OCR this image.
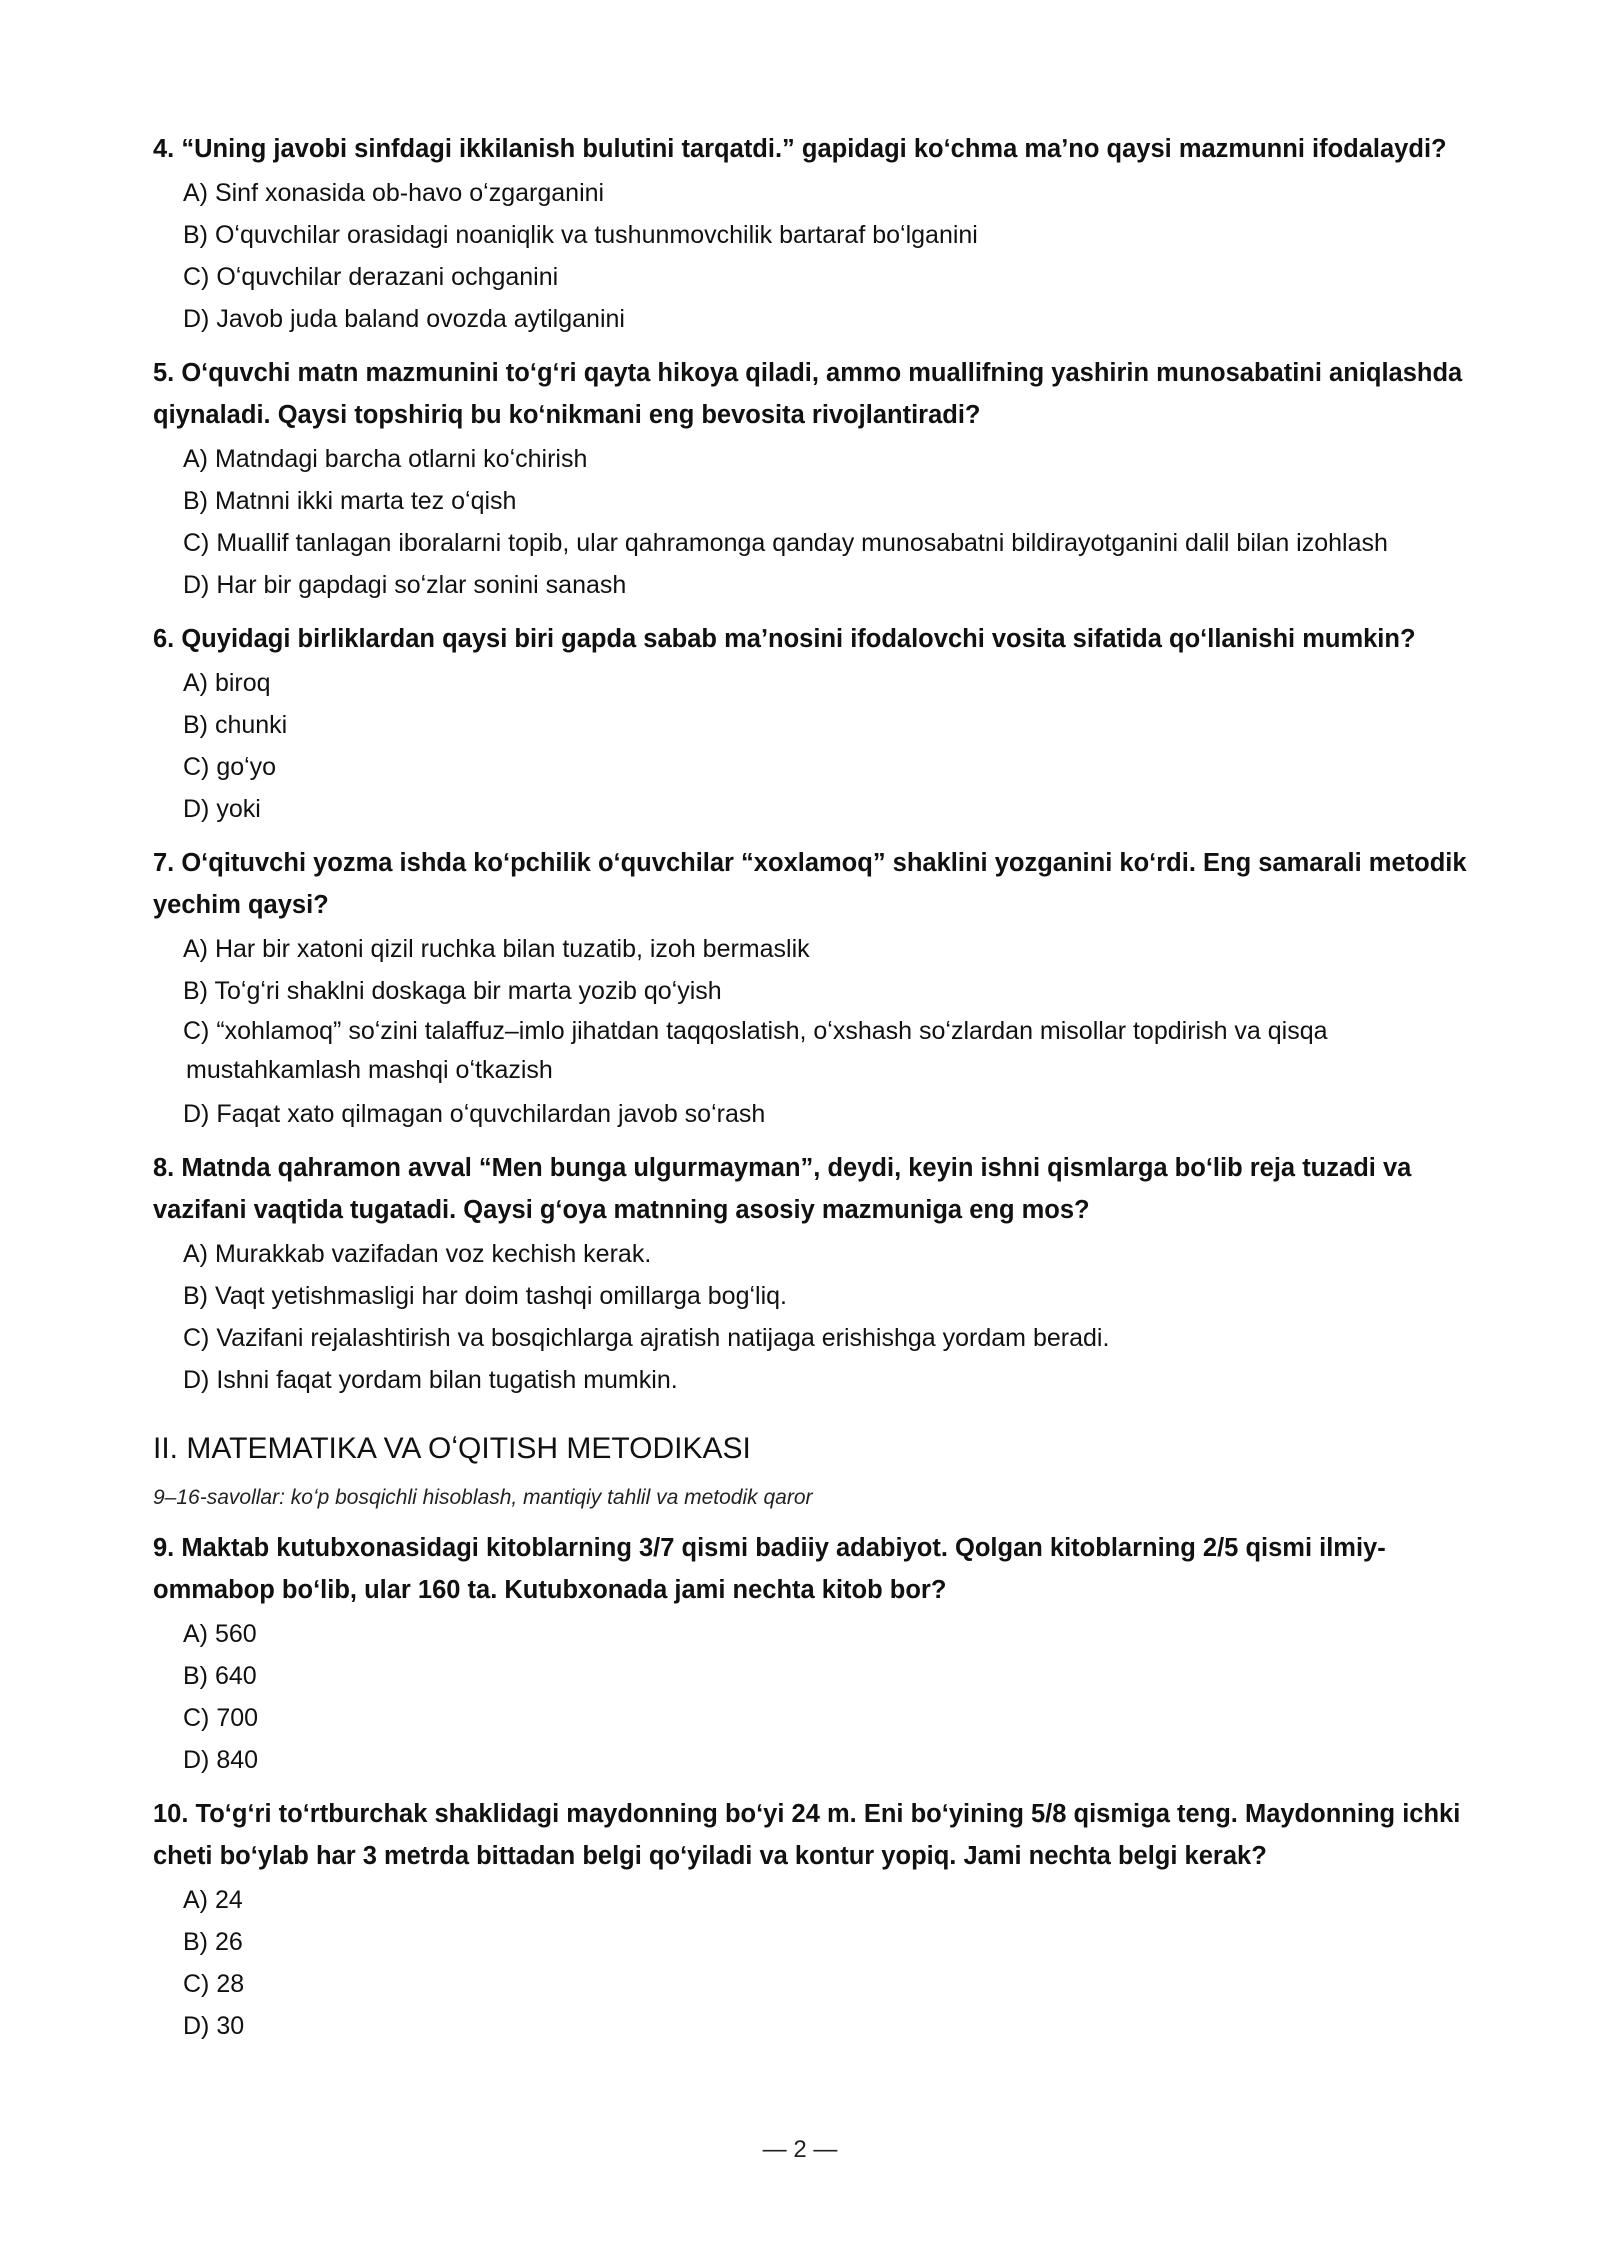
4. “Uning javobi sinfdagi ikkilanish bulutini tarqatdi.” gapidagi koʻchma maʼno qaysi mazmunni ifodalaydi?

A) Sinf xonasida ob-havo oʻzgarganini
B) Oʻquvchilar orasidagi noaniqlik va tushunmovchilik bartaraf boʻlganini
C) Oʻquvchilar derazani ochganini
D) Javob juda baland ovozda aytilganini

5. Oʻquvchi matn mazmunini toʻgʻri qayta hikoya qiladi, ammo muallifning yashirin munosabatini aniqlashda qiynaladi. Qaysi topshiriq bu koʻnikmani eng bevosita rivojlantiradi?

A) Matndagi barcha otlarni koʻchirish
B) Matnni ikki marta tez oʻqish
C) Muallif tanlagan iboralarni topib, ular qahramonga qanday munosabatni bildirayotganini dalil bilan izohlash
D) Har bir gapdagi soʻzlar sonini sanash

6. Quyidagi birliklardan qaysi biri gapda sabab maʼnosini ifodalovchi vosita sifatida qoʻllanishi mumkin?

A) biroq
B) chunki
C) goʻyo
D) yoki

7. Oʻqituvchi yozma ishda koʻpchilik oʻquvchilar “xoxlamoq” shaklini yozganini koʻrdi. Eng samarali metodik yechim qaysi?

A) Har bir xatoni qizil ruchka bilan tuzatib, izoh bermaslik
B) Toʻgʻri shaklni doskaga bir marta yozib qoʻyish
C) “xohlamoq” soʻzini talaffuz–imlo jihatdan taqqoslatish, oʻxshash soʻzlardan misollar topdirish va qisqa mustahkamlash mashqi oʻtkazish
D) Faqat xato qilmagan oʻquvchilardan javob soʻrash

8. Matnda qahramon avval “Men bunga ulgurmayman”, deydi, keyin ishni qismlarga boʻlib reja tuzadi va vazifani vaqtida tugatadi. Qaysi gʻoya matnning asosiy mazmuniga eng mos?

A) Murakkab vazifadan voz kechish kerak.
B) Vaqt yetishmasligi har doim tashqi omillarga bogʻliq.
C) Vazifani rejalashtirish va bosqichlarga ajratish natijaga erishishga yordam beradi.
D) Ishni faqat yordam bilan tugatish mumkin.
II. MATEMATIKA VA OʻQITISH METODIKASI

9–16-savollar: koʻp bosqichli hisoblash, mantiqiy tahlil va metodik qaror

9. Maktab kutubxonasidagi kitoblarning 3/7 qismi badiiy adabiyot. Qolgan kitoblarning 2/5 qismi ilmiy-ommabop boʻlib, ular 160 ta. Kutubxonada jami nechta kitob bor?

A) 560
B) 640
C) 700
D) 840

10. Toʻgʻri toʻrtburchak shaklidagi maydonning boʻyi 24 m. Eni boʻyining 5/8 qismiga teng. Maydonning ichki cheti boʻylab har 3 metrda bittadan belgi qoʻyiladi va kontur yopiq. Jami nechta belgi kerak?

A) 24
B) 26
C) 28
D) 30
— 2 —
